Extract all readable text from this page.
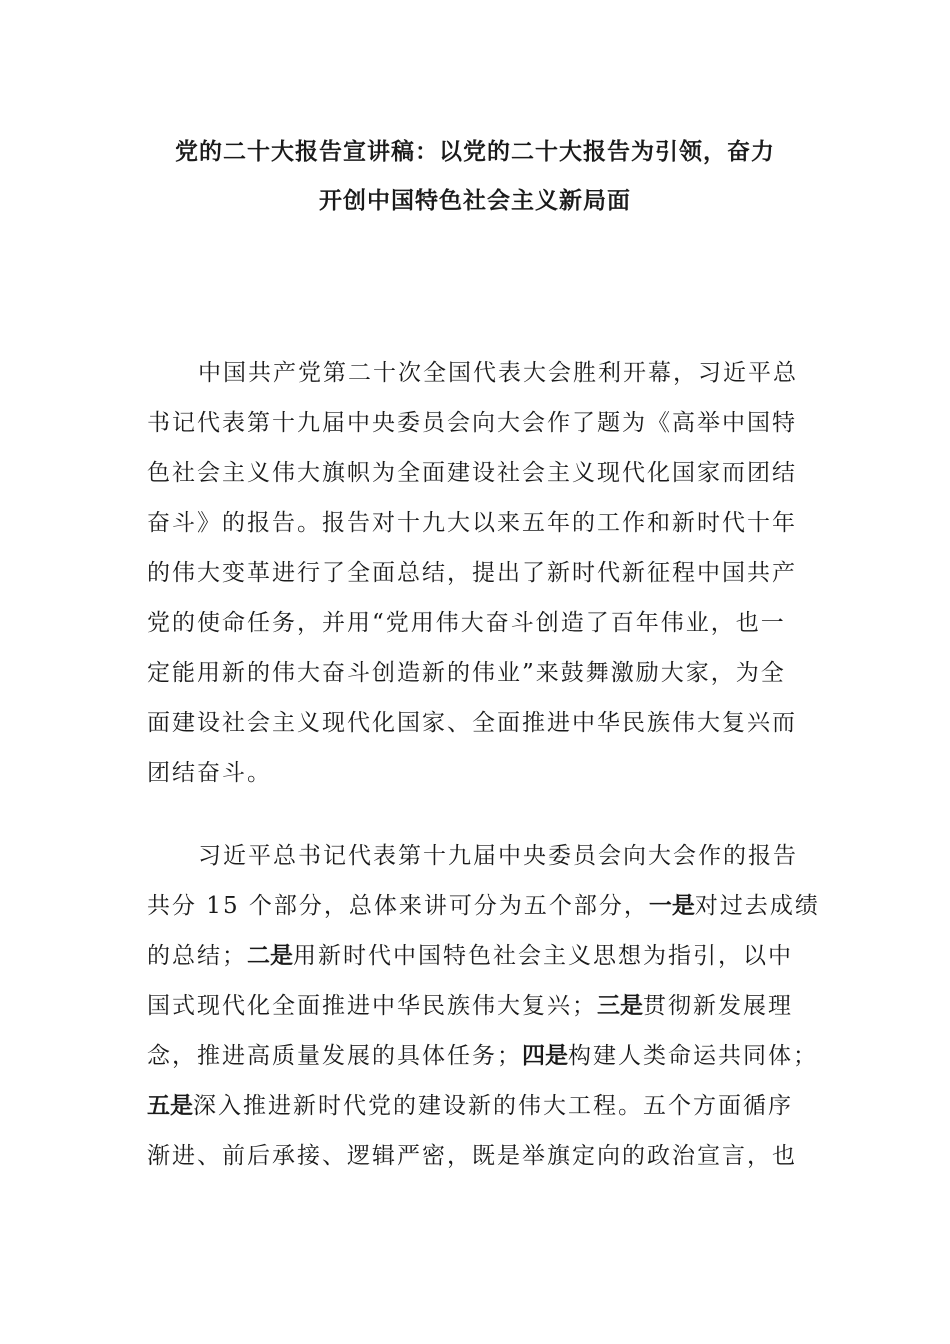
党的二十大报告宣讲稿：以党的二十大报告为引领，奋力
开创中国特色社会主义新局面
中国共产党第二十次全国代表大会胜利开幕，习近平总
书记代表第十九届中央委员会向大会作了题为《高举中国特
色社会主义伟大旗帜为全面建设社会主义现代化国家而团结
奋斗》的报告。报告对十九大以来五年的工作和新时代十年
的伟大变革进行了全面总结，提出了新时代新征程中国共产
党的使命任务，并用“党用伟大奋斗创造了百年伟业，也一
定能用新的伟大奋斗创造新的伟业”来鼓舞激励大家，为全
面建设社会主义现代化国家、全面推进中华民族伟大复兴而
团结奋斗。
习近平总书记代表第十九届中央委员会向大会作的报告
共分 15 个部分，总体来讲可分为五个部分，一是对过去成绩
的总结；二是用新时代中国特色社会主义思想为指引，以中
国式现代化全面推进中华民族伟大复兴；三是贯彻新发展理
念，推进高质量发展的具体任务；四是构建人类命运共同体；
五是深入推进新时代党的建设新的伟大工程。五个方面循序
渐进、前后承接、逻辑严密，既是举旗定向的政治宣言，也
